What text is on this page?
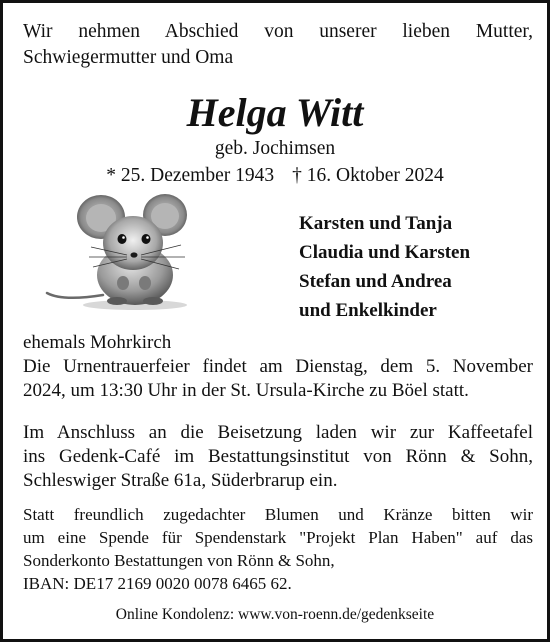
Wir nehmen Abschied von unserer lieben Mutter,
Schwiegermutter und Oma
Helga Witt
geb. Jochimsen
* 25. Dezember 1943 † 16. Oktober 2024
Karsten und Tanja
Claudia und Karsten
Stefan und Andrea
und Enkelkinder
ehemals Mohrkirch
Die Urnentrauerfeier findet am Dienstag, dem 5. November
2024, um 13:30 Uhr in der St. Ursula-Kirche zu Böel statt.
Im Anschluss an die Beisetzung laden wir zur Kaffeetafel
ins Gedenk-Café im Bestattungsinstitut von Rönn & Sohn,
Schleswiger Straße 61a, Süderbrarup ein.
Statt freundlich zugedachter Blumen und Kränze bitten wir
um eine Spende für Spendenstark "Projekt Plan Haben" auf das
Sonderkonto Bestattungen von Rönn & Sohn,
IBAN: DE17 2169 0020 0078 6465 62.
Online Kondolenz: www.von-roenn.de/gedenkseite
